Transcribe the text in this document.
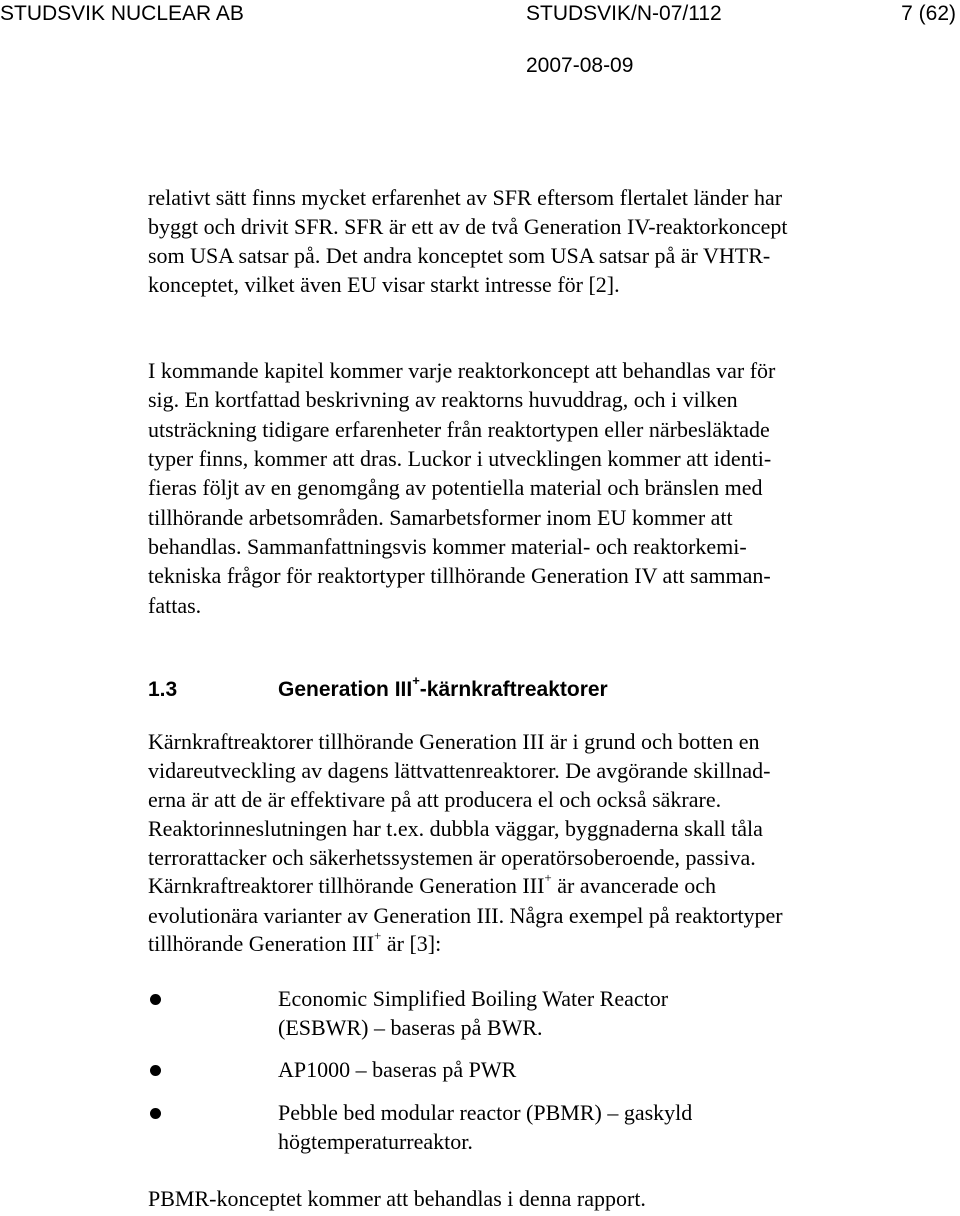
STUDSVIK NUCLEAR AB	STUDSVIK/N-07/112	7 (62)
2007-08-09
relativt sätt finns mycket erfarenhet av SFR eftersom flertalet länder har
byggt och drivit SFR. SFR är ett av de två Generation IV-reaktorkoncept
som USA satsar på. Det andra konceptet som USA satsar på är VHTR-
konceptet, vilket även EU visar starkt intresse för [2].
I kommande kapitel kommer varje reaktorkoncept att behandlas var för
sig. En kortfattad beskrivning av reaktorns huvuddrag, och i vilken
utsträckning tidigare erfarenheter från reaktortypen eller närbesläktade
typer finns, kommer att dras. Luckor i utvecklingen kommer att identi-
fieras följt av en genomgång av potentiella material och bränslen med
tillhörande arbetsområden. Samarbetsformer inom EU kommer att
behandlas. Sammanfattningsvis kommer material- och reaktorkemi-
tekniska frågor för reaktortyper tillhörande Generation IV att samman-
fattas.
1.3	Generation III+-kärnkraftreaktorer
Kärnkraftreaktorer tillhörande Generation III är i grund och botten en
vidareutveckling av dagens lättvattenreaktorer. De avgörande skillnad-
erna är att de är effektivare på att producera el och också säkrare.
Reaktorinneslutningen har t.ex. dubbla väggar, byggnaderna skall tåla
terrorattacker och säkerhetssystemen är operatörsoberoende, passiva.
Kärnkraftreaktorer tillhörande Generation III+ är avancerade och
evolutionära varianter av Generation III. Några exempel på reaktortyper
tillhörande Generation III+ är [3]:
Economic Simplified Boiling Water Reactor
(ESBWR) – baseras på BWR.
AP1000 – baseras på PWR
Pebble bed modular reactor (PBMR) – gaskyld
högtemperaturreaktor.
PBMR-konceptet kommer att behandlas i denna rapport.
